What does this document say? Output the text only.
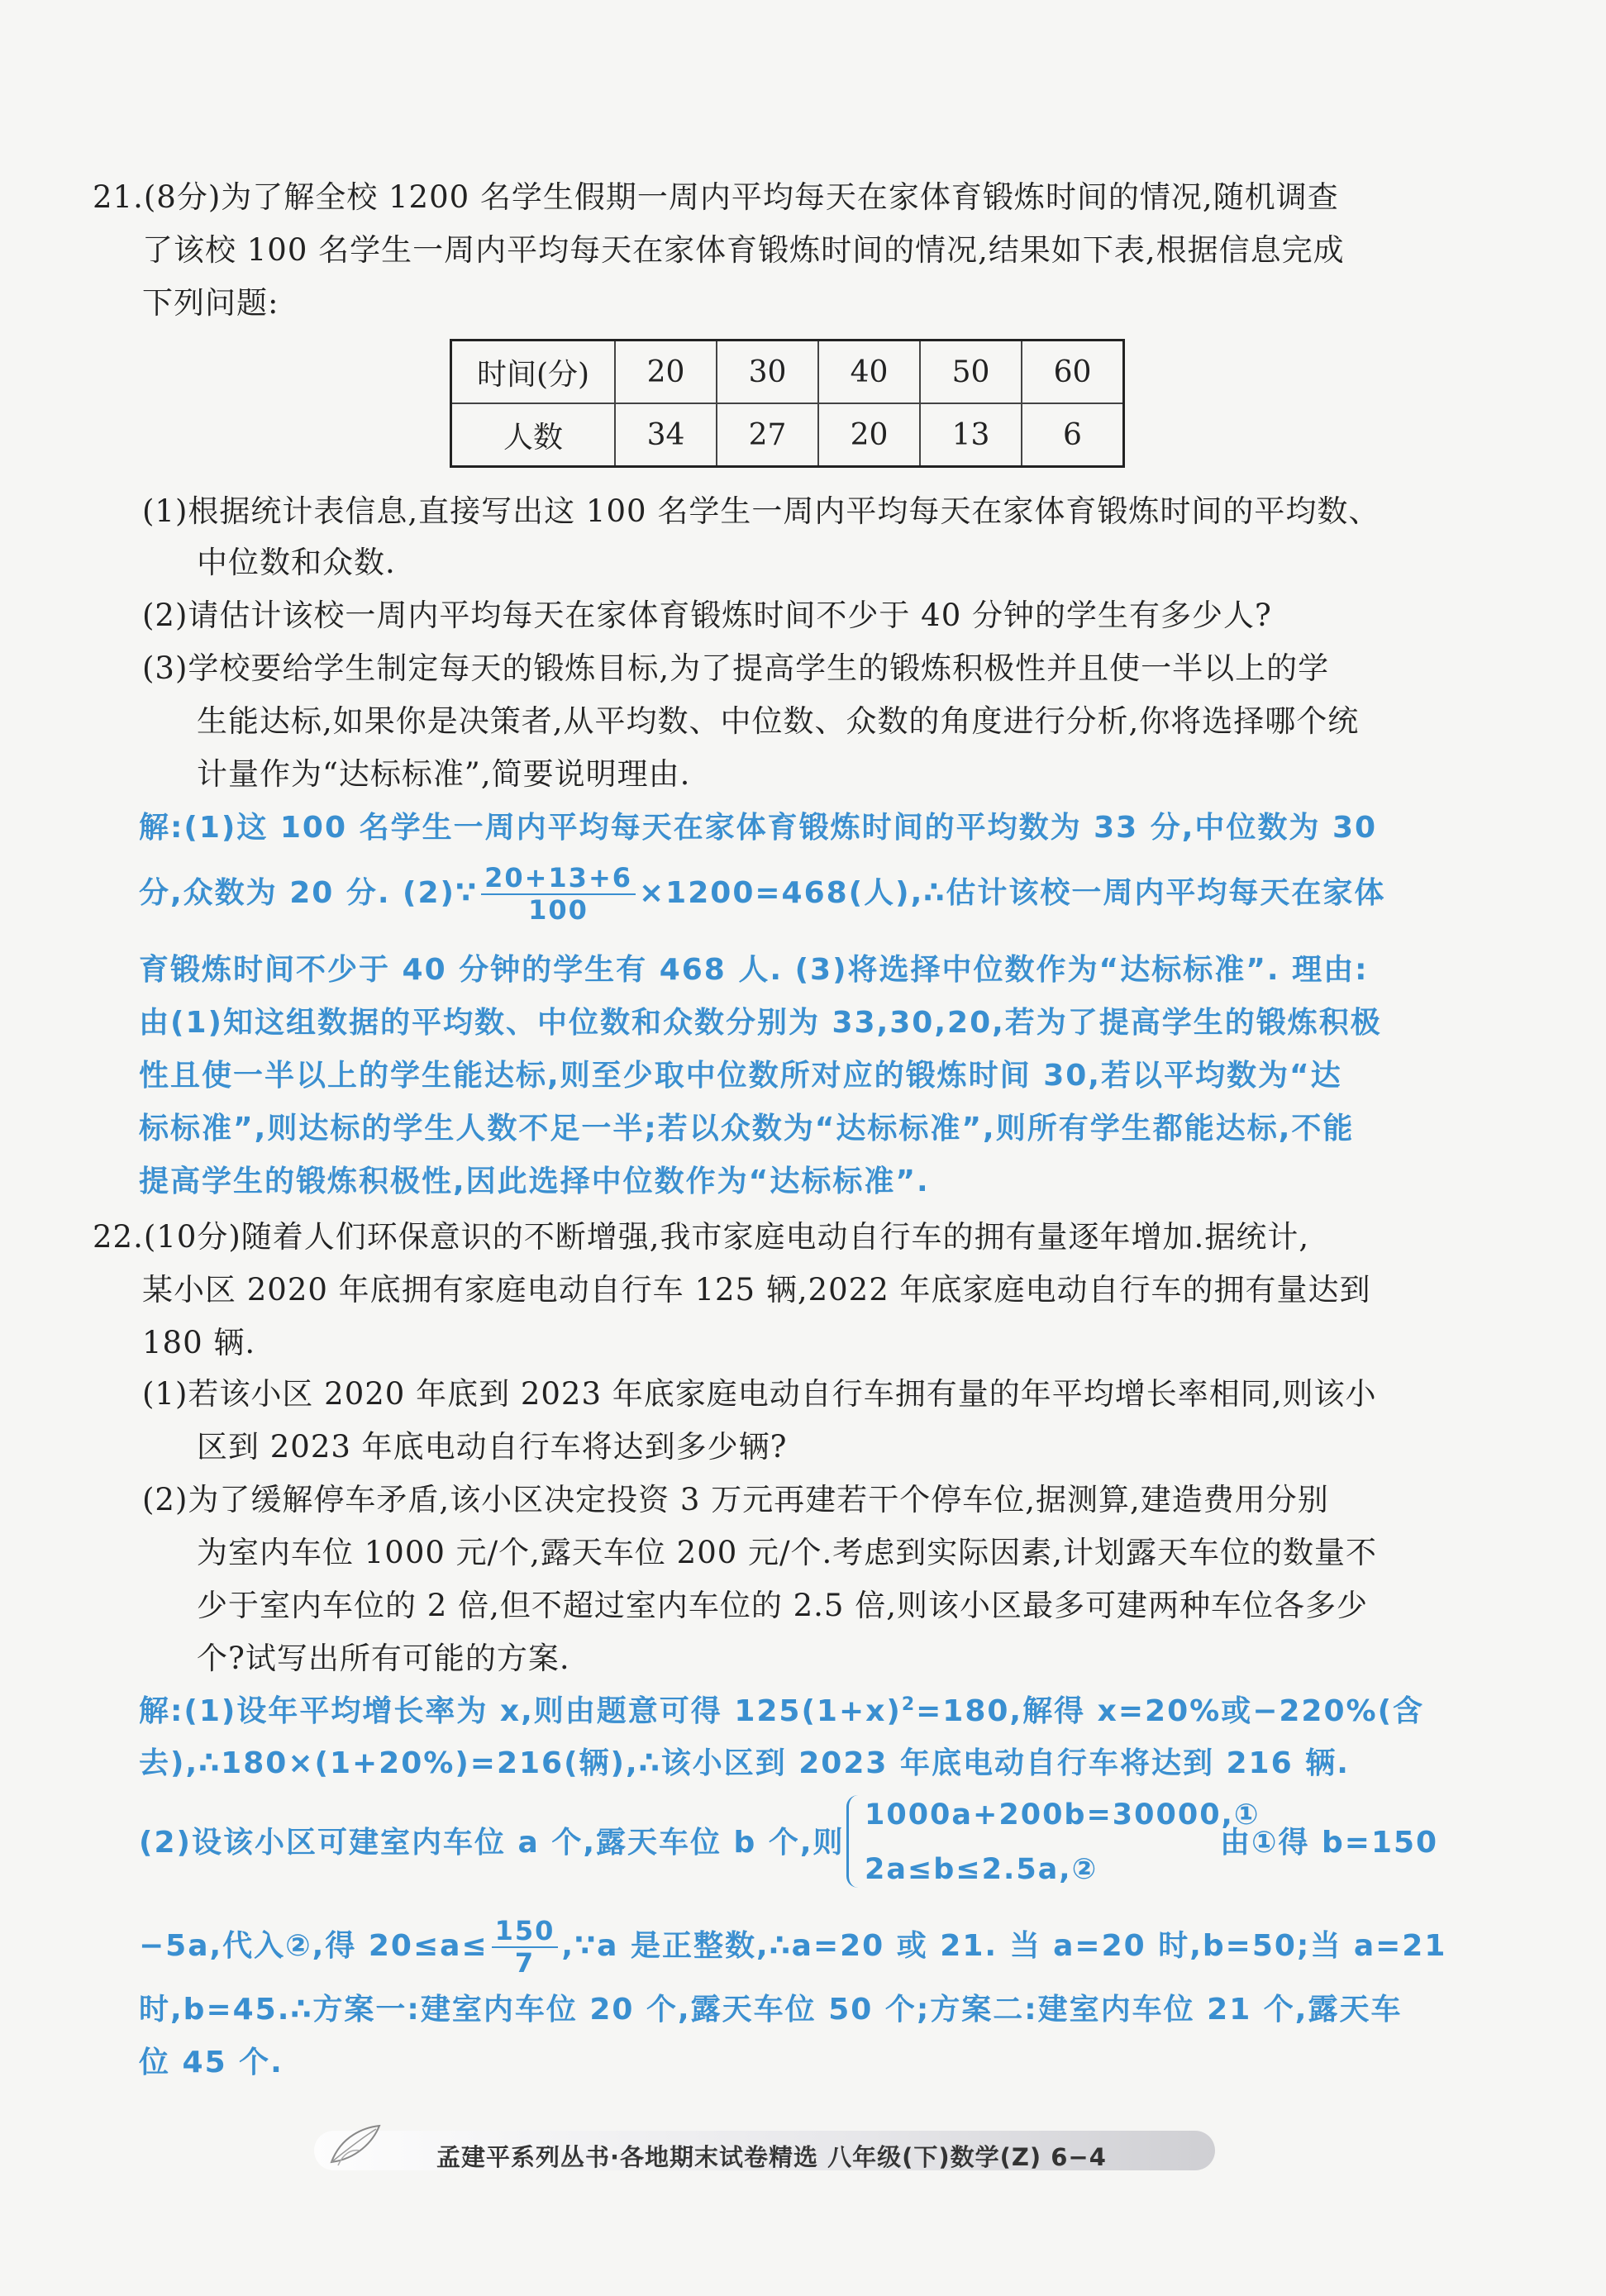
21.(8分)为了解全校 1200 名学生假期一周内平均每天在家体育锻炼时间的情况,随机调查
了该校 100 名学生一周内平均每天在家体育锻炼时间的情况,结果如下表,根据信息完成
下列问题:
时间(分)	20	30	40	50	60
人数	34	27	20	13	6
(1)根据统计表信息,直接写出这 100 名学生一周内平均每天在家体育锻炼时间的平均数、
中位数和众数.
(2)请估计该校一周内平均每天在家体育锻炼时间不少于 40 分钟的学生有多少人?
(3)学校要给学生制定每天的锻炼目标,为了提高学生的锻炼积极性并且使一半以上的学
生能达标,如果你是决策者,从平均数、中位数、众数的角度进行分析,你将选择哪个统
计量作为“达标标准”,简要说明理由.
解:(1)这 100 名学生一周内平均每天在家体育锻炼时间的平均数为 33 分,中位数为 30
分,众数为 20 分. (2)∵ $\frac{20+13+6}{100} \times 1200=468$(人),∴估计该校一周内平均每天在家体
育锻炼时间不少于 40 分钟的学生有 468 人. (3)将选择中位数作为“达标标准”. 理由:
由(1)知这组数据的平均数、中位数和众数分别为 33,30,20,若为了提高学生的锻炼积极
性且使一半以上的学生能达标,则至少取中位数所对应的锻炼时间 30,若以平均数为“达
标标准”,则达标的学生人数不足一半;若以众数为“达标标准”,则所有学生都能达标,不能
提高学生的锻炼积极性,因此选择中位数作为“达标标准”.
22.(10分)随着人们环保意识的不断增强,我市家庭电动自行车的拥有量逐年增加.据统计,
某小区 2020 年底拥有家庭电动自行车 125 辆,2022 年底家庭电动自行车的拥有量达到
180 辆.
(1)若该小区 2020 年底到 2023 年底家庭电动自行车拥有量的年平均增长率相同,则该小
区到 2023 年底电动自行车将达到多少辆?
(2)为了缓解停车矛盾,该小区决定投资 3 万元再建若干个停车位,据测算,建造费用分别
为室内车位 1000 元/个,露天车位 200 元/个.考虑到实际因素,计划露天车位的数量不
少于室内车位的 2 倍,但不超过室内车位的 2.5 倍,则该小区最多可建两种车位各多少
个?试写出所有可能的方案.
解:(1)设年平均增长率为 x,则由题意可得 $125(1+x)^2=180$,解得 x=20%或−220%(含
去),∴180×(1+20%)=216(辆),∴该小区到 2023 年底电动自行车将达到 216 辆.
(2)设该小区可建室内车位 a 个,露天车位 b 个,则
1000a+200b=30000,①
2a≤b≤2.5a,②
由①得 b=150
−5a,代入②,得 $20\le a\le \frac{150}{7}$ ,∵a 是正整数,∴a=20 或 21. 当 a=20 时,b=50;当 a=21
时,b=45.∴方案一:建室内车位 20 个,露天车位 50 个;方案二:建室内车位 21 个,露天车
位 45 个.
孟建平系列丛书·各地期末试卷精选 八年级(下)数学(Z) 6−4
